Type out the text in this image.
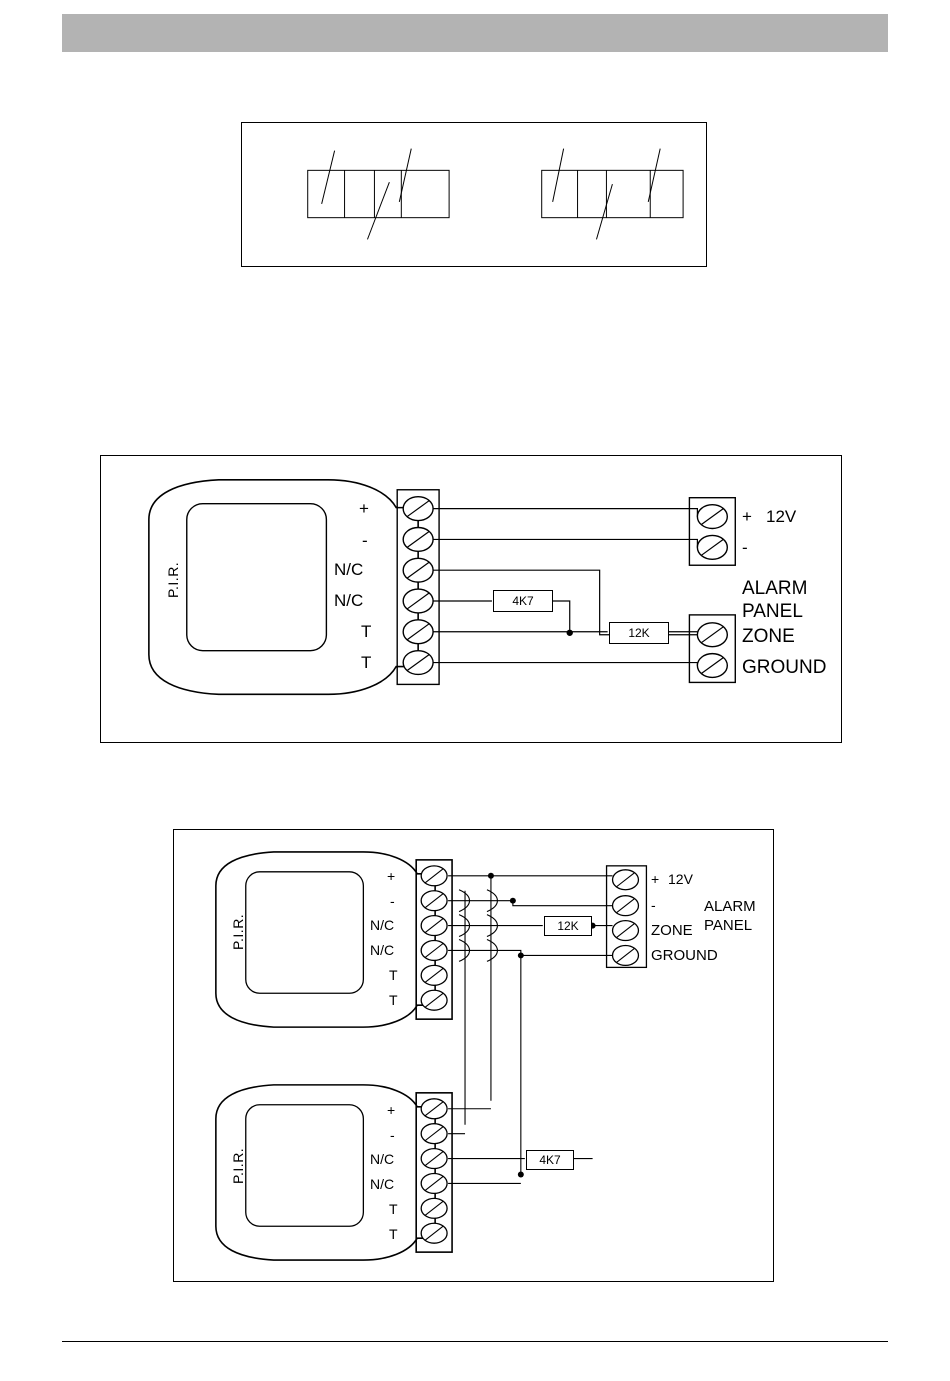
+
-
N/C
N/C
T
T
P.I.R.
4K7
12K
+ 12V
-
ALARM
PANEL
ZONE
GROUND
+
-
N/C
N/C
T
T
P.I.R.
+
-
N/C
N/C
T
T
P.I.R.
12K
4K7
+ 12V
-	ALARM
PANEL
ZONE
GROUND
